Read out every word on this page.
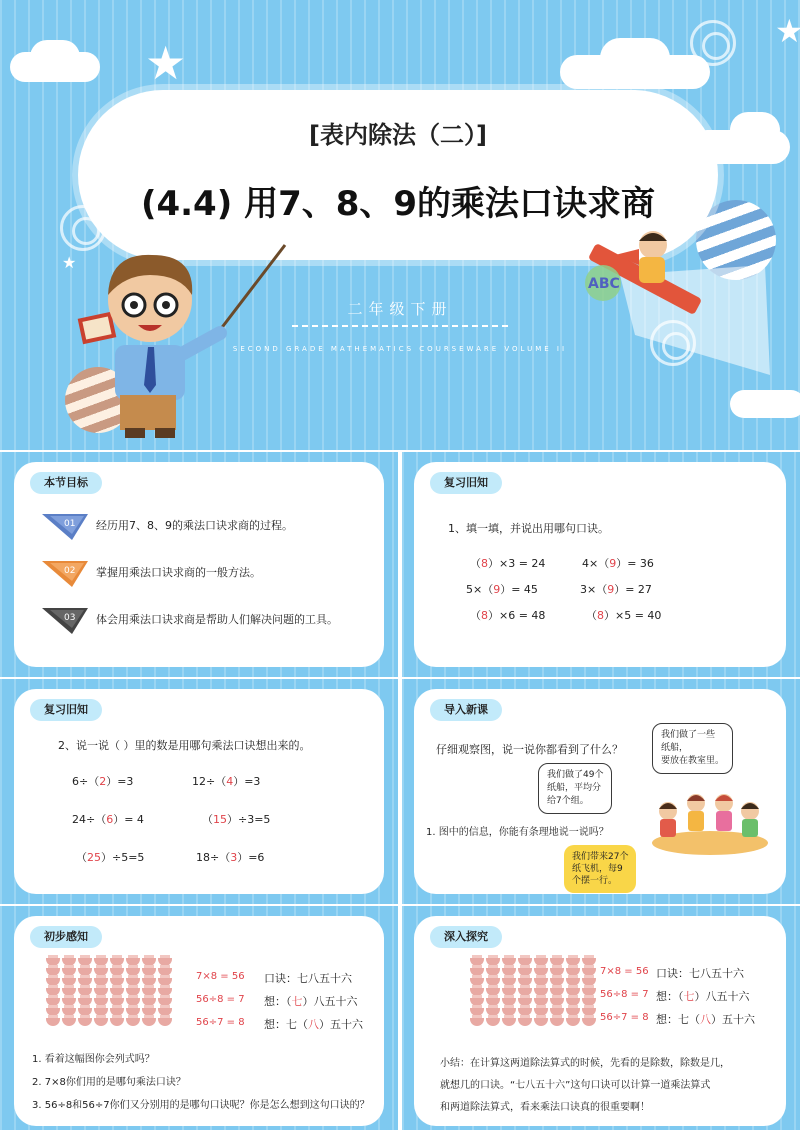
★
★
★
[表内除法（二）]
(4.4) 用7、8、9的乘法口诀求商
二年级下册
SECOND GRADE MATHEMATICS COURSEWARE VOLUME II
ABC
本节目标
01 经历用7、8、9的乘法口诀求商的过程。
02 掌握用乘法口诀求商的一般方法。
03 体会用乘法口诀求商是帮助人们解决问题的工具。
复习旧知
1、填一填，并说出用哪句口诀。
（8）×3 = 24	4×（9）= 36
5×（9）= 45	3×（9）= 27
（8）×6 = 48	（8）×5 = 40
复习旧知
2、说一说（ ）里的数是用哪句乘法口诀想出来的。
6÷（2）=3	12÷（4）=3
24÷（6）= 4	（15）÷3=5
（25）÷5=5	18÷（3）=6
导入新课
仔细观察图，说一说你都看到了什么？
1. 图中的信息，你能有条理地说一说吗？
我们做了一些
纸船，
要放在教室里。
我们做了49个
纸船，平均分
给7个组。
我们带来27个
纸飞机，每9
个摆一行。
初步感知
7×8 = 56
56÷8 = 7
56÷7 = 8
口诀：七八五十六
想：（七）八五十六
想：七（八）五十六
1. 看着这幅图你会列式吗？
2. 7×8你们用的是哪句乘法口诀？
3. 56÷8和56÷7你们又分别用的是哪句口诀呢？你是怎么想到这句口诀的？
深入探究
7×8 = 56
56÷8 = 7
56÷7 = 8
口诀：七八五十六
想：（七）八五十六
想：七（八）五十六
小结：在计算这两道除法算式的时候，先看的是除数，除数是几，
就想几的口诀。“七八五十六”这句口诀可以计算一道乘法算式
和两道除法算式，看来乘法口诀真的很重要啊！
